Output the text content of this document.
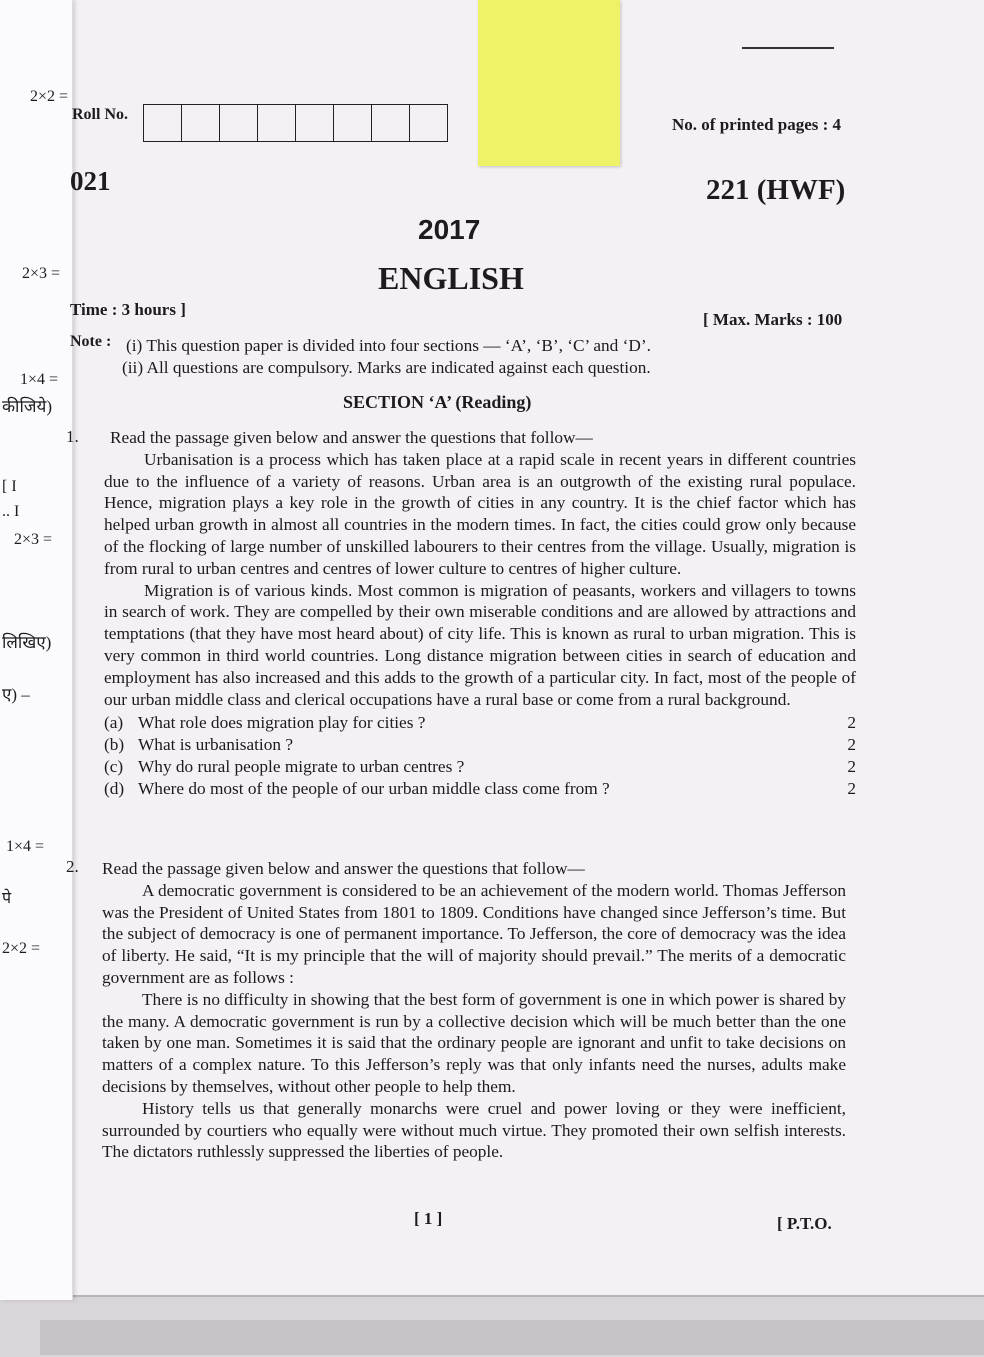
2×2 =
2×3 =
1×4 =
कीजिये)
[ I
.. I
2×3 =
लिखिए)
ए) –
1×4 =
पे
2×2 =
Roll No.
No. of printed pages : 4
021	221 (HWF)
2017
ENGLISH
Time : 3 hours ]
[ Max. Marks : 100
Note : (i) This question paper is divided into four sections — ‘A’, ‘B’, ‘C’ and ‘D’.
(ii) All questions are compulsory. Marks are indicated against each question.
SECTION ‘A’ (Reading)
1. Read the passage given below and answer the questions that follow—

Urbanisation is a process which has taken place at a rapid scale in recent years in different countries due to the influence of a variety of reasons. Urban area is an outgrowth of the existing rural populace. Hence, migration plays a key role in the growth of cities in any country. It is the chief factor which has helped urban growth in almost all countries in the modern times. In fact, the cities could grow only because of the flocking of large number of unskilled labourers to their centres from the village. Usually, migration is from rural to urban centres and centres of lower culture to centres of higher culture.

Migration is of various kinds. Most common is migration of peasants, workers and villagers to towns in search of work. They are compelled by their own miserable conditions and are allowed by attractions and temptations (that they have most heard about) of city life. This is known as rural to urban migration. This is very common in third world countries. Long distance migration between cities in search of education and employment has also increased and this adds to the growth of a particular city. In fact, most of the people of our urban middle class and clerical occupations have a rural base or come from a rural background.

(a) What role does migration play for cities ?	2
(b) What is urbanisation ?	2
(c) Why do rural people migrate to urban centres ?	2
(d) Where do most of the people of our urban middle class come from ?	2
2. Read the passage given below and answer the questions that follow—

A democratic government is considered to be an achievement of the modern world. Thomas Jefferson was the President of United States from 1801 to 1809. Conditions have changed since Jefferson’s time. But the subject of democracy is one of permanent importance. To Jefferson, the core of democracy was the idea of liberty. He said, “It is my principle that the will of majority should prevail.” The merits of a democratic government are as follows :

There is no difficulty in showing that the best form of government is one in which power is shared by the many. A democratic government is run by a collective decision which will be much better than the one taken by one man. Sometimes it is said that the ordinary people are ignorant and unfit to take decisions on matters of a complex nature. To this Jefferson’s reply was that only infants need the nurses, adults make decisions by themselves, without other people to help them.

History tells us that generally monarchs were cruel and power loving or they were inefficient, surrounded by courtiers who equally were without much virtue. They promoted their own selfish interests. The dictators ruthlessly suppressed the liberties of people.

[ 1 ]	[ P.T.O.
